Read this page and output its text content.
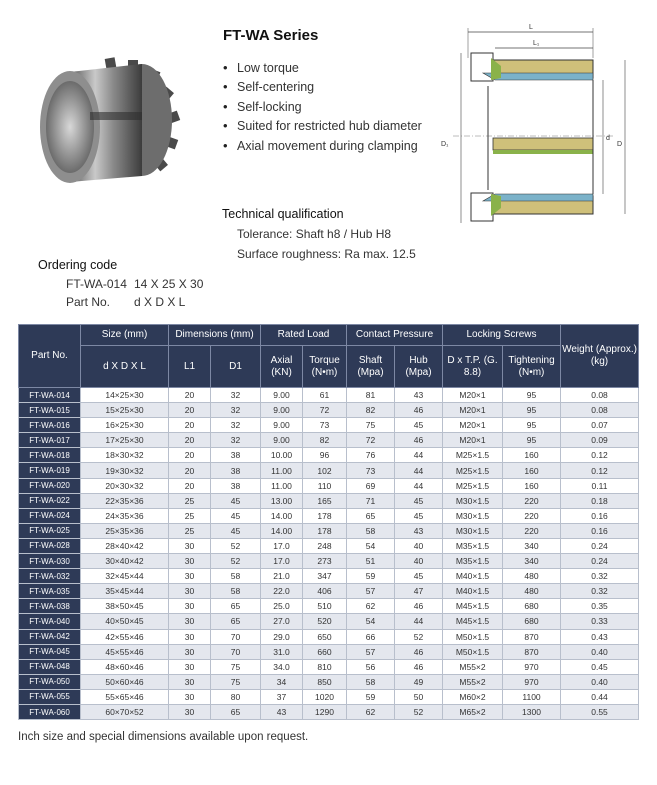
FT-WA Series
• Low torque
• Self-centering
• Self-locking
• Suited for restricted hub diameter
• Axial movement during clamping
L
L₁
D₁
d
D
Technical qualification
Tolerance: Shaft h8 / Hub H8
Surface roughness: Ra max. 12.5
Ordering code
FT-WA-014 14 X 25 X 30
Part No. d X D X L
Part No.	Size (mm)	Dimensions (mm)		Rated Load		Contact Pressure		Locking Screws		Weight (Approx.) (kg)
	d X D X L	L1	D1	Axial (KN)	Torque (N•m)	Shaft (Mpa)	Hub (Mpa)	D x T.P. (G. 8.8)	Tightening (N•m)	
FT-WA-014	14×25×30	20	32	9.00	61	81	43	M20×1	95	0.08
FT-WA-015	15×25×30	20	32	9.00	72	82	46	M20×1	95	0.08
FT-WA-016	16×25×30	20	32	9.00	73	75	45	M20×1	95	0.07
FT-WA-017	17×25×30	20	32	9.00	82	72	46	M20×1	95	0.09
FT-WA-018	18×30×32	20	38	10.00	96	76	44	M25×1.5	160	0.12
FT-WA-019	19×30×32	20	38	11.00	102	73	44	M25×1.5	160	0.12
FT-WA-020	20×30×32	20	38	11.00	110	69	44	M25×1.5	160	0.11
FT-WA-022	22×35×36	25	45	13.00	165	71	45	M30×1.5	220	0.18
FT-WA-024	24×35×36	25	45	14.00	178	65	45	M30×1.5	220	0.16
FT-WA-025	25×35×36	25	45	14.00	178	58	43	M30×1.5	220	0.16
FT-WA-028	28×40×42	30	52	17.0	248	54	40	M35×1.5	340	0.24
FT-WA-030	30×40×42	30	52	17.0	273	51	40	M35×1.5	340	0.24
FT-WA-032	32×45×44	30	58	21.0	347	59	45	M40×1.5	480	0.32
FT-WA-035	35×45×44	30	58	22.0	406	57	47	M40×1.5	480	0.32
FT-WA-038	38×50×45	30	65	25.0	510	62	46	M45×1.5	680	0.35
FT-WA-040	40×50×45	30	65	27.0	520	54	44	M45×1.5	680	0.33
FT-WA-042	42×55×46	30	70	29.0	650	66	52	M50×1.5	870	0.43
FT-WA-045	45×55×46	30	70	31.0	660	57	46	M50×1.5	870	0.40
FT-WA-048	48×60×46	30	75	34.0	810	56	46	M55×2	970	0.45
FT-WA-050	50×60×46	30	75	34	850	58	49	M55×2	970	0.40
FT-WA-055	55×65×46	30	80	37	1020	59	50	M60×2	1100	0.44
FT-WA-060	60×70×52	30	65	43	1290	62	52	M65×2	1300	0.55
Inch size and special dimensions available upon request.
